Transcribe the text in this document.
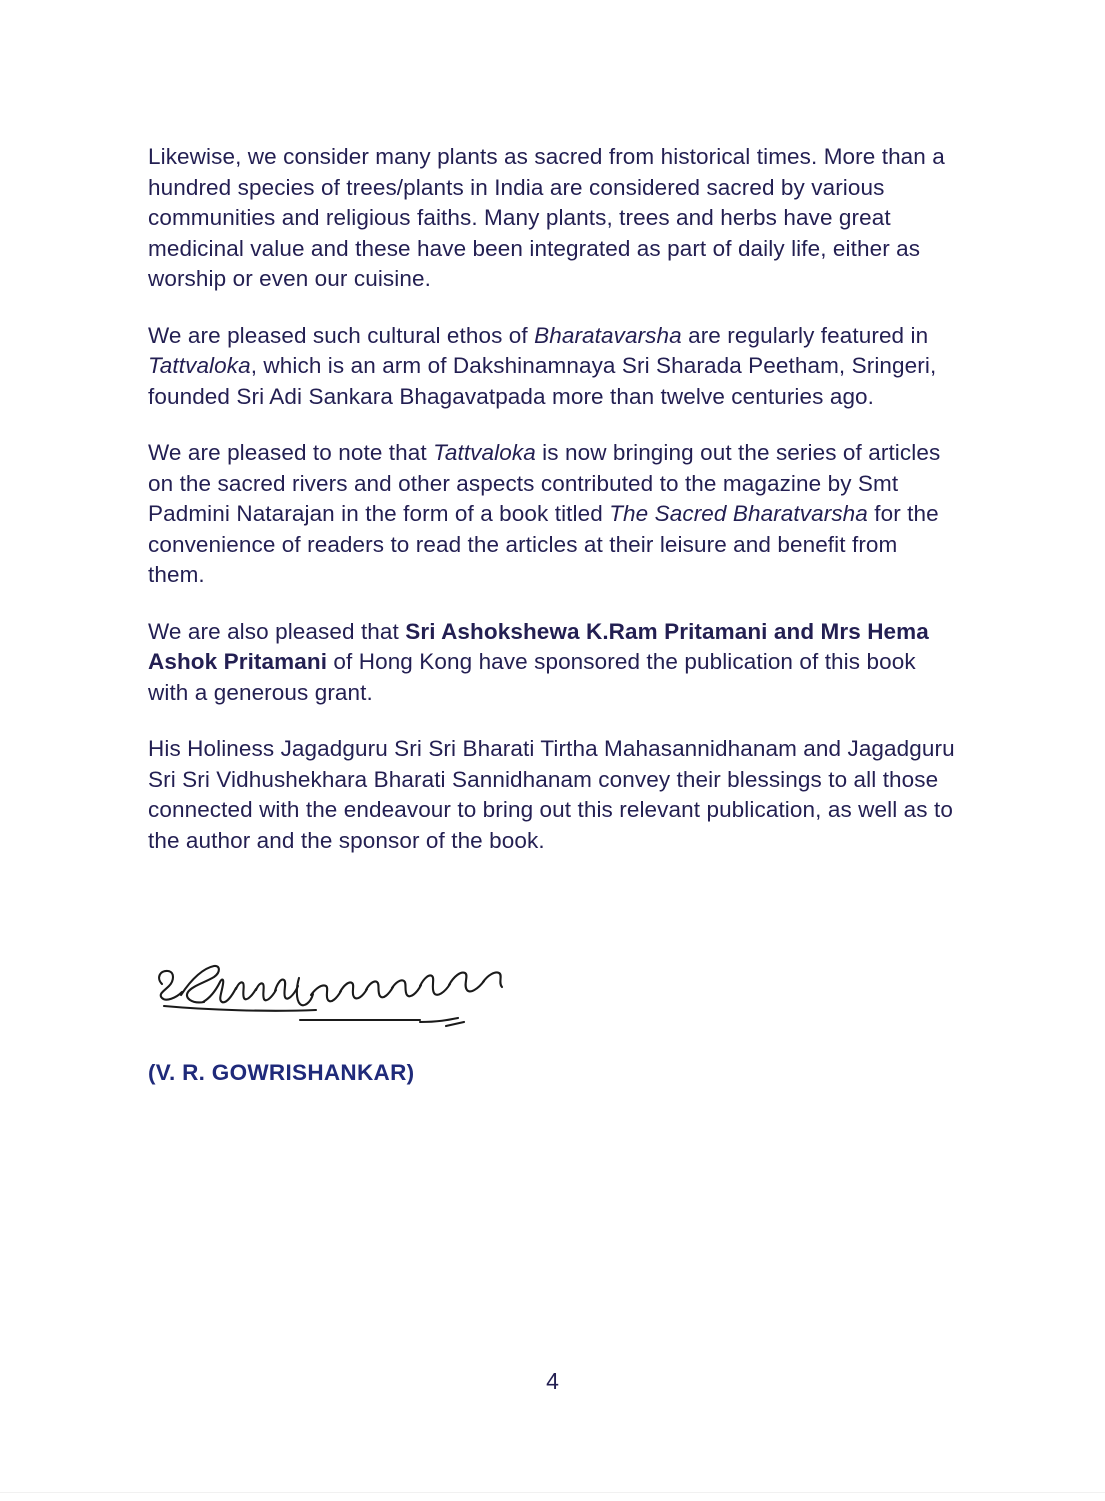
Likewise, we consider many plants as sacred from historical times. More than a hundred species of trees/plants in India are considered sacred by various communities and religious faiths. Many plants, trees and herbs have great medicinal value and these have been integrated as part of daily life, either as worship or even our cuisine.

We are pleased such cultural ethos of Bharatavarsha are regularly featured in Tattvaloka, which is an arm of Dakshinamnaya Sri Sharada Peetham, Sringeri, founded Sri Adi Sankara Bhagavatpada more than twelve centuries ago.

We are pleased to note that Tattvaloka is now bringing out the series of articles on the sacred rivers and other aspects contributed to the magazine by Smt Padmini Natarajan in the form of a book titled The Sacred Bharatvarsha for the convenience of readers to read the articles at their leisure and benefit from them.

We are also pleased that Sri Ashokshewa K.Ram Pritamani and Mrs Hema Ashok Pritamani of Hong Kong have sponsored the publication of this book with a generous grant.

His Holiness Jagadguru Sri Sri Bharati Tirtha Mahasannidhanam and Jagadguru Sri Sri Vidhushekhara Bharati Sannidhanam convey their blessings to all those connected with the endeavour to bring out this relevant publication, as well as to the author and the sponsor of the book.

(V. R. GOWRISHANKAR)
4
